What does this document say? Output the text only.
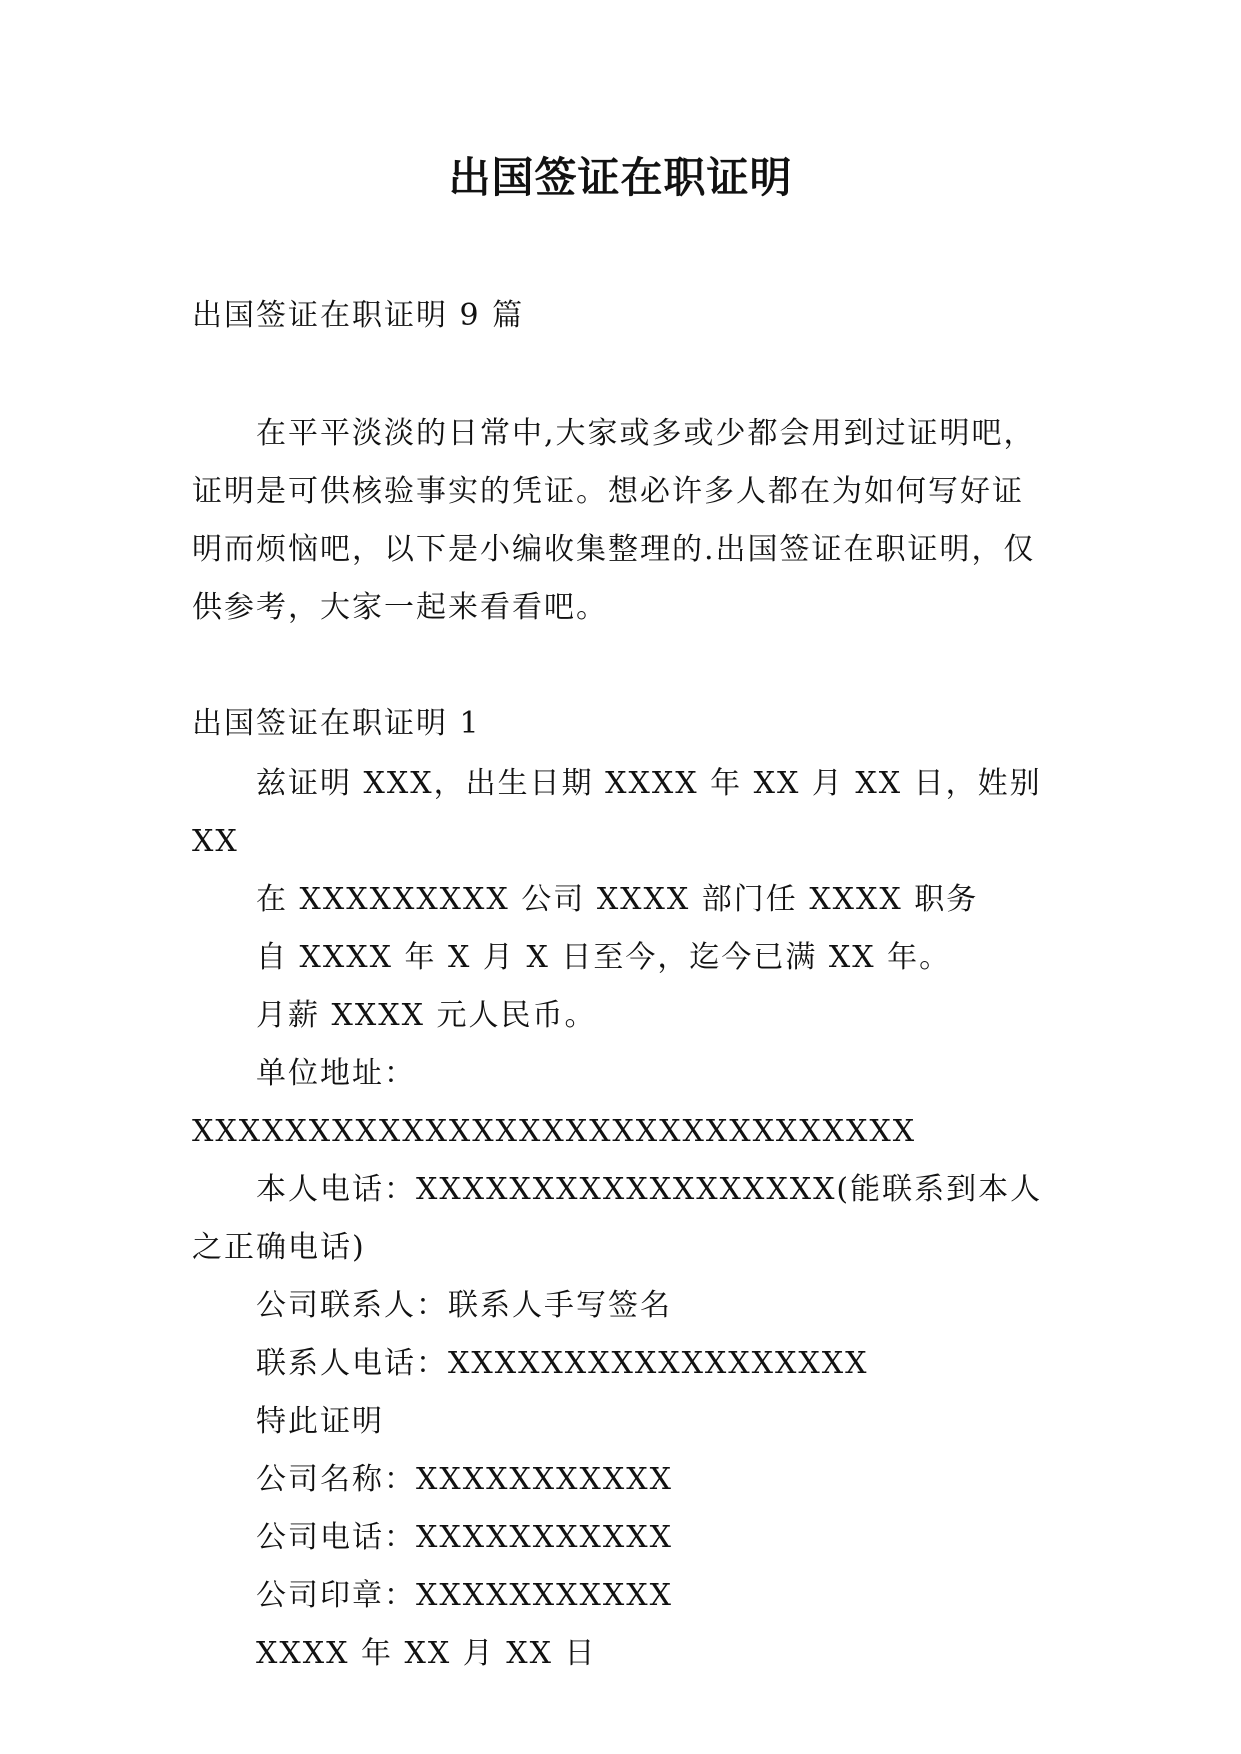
出国签证在职证明

出国签证在职证明 9 篇

在平平淡淡的日常中,大家或多或少都会用到过证明吧，证明是可供核验事实的凭证。想必许多人都在为如何写好证明而烦恼吧，以下是小编收集整理的.出国签证在职证明，仅供参考，大家一起来看看吧。

出国签证在职证明 1

兹证明 XXX，出生日期 XXXX 年 XX 月 XX 日，姓别 XX
在 XXXXXXXXX 公司 XXXX 部门任 XXXX 职务
自 XXXX 年 X 月 X 日至今，迄今已满 XX 年。
月薪 XXXX 元人民币。
单位地址：XXXXXXXXXXXXXXXXXXXXXXXXXXXXXXX
本人电话：XXXXXXXXXXXXXXXXXX(能联系到本人之正确电话)
公司联系人：联系人手写签名
联系人电话：XXXXXXXXXXXXXXXXXX
特此证明
公司名称：XXXXXXXXXXX
公司电话：XXXXXXXXXXX
公司印章：XXXXXXXXXXX
XXXX 年 XX 月 XX 日
